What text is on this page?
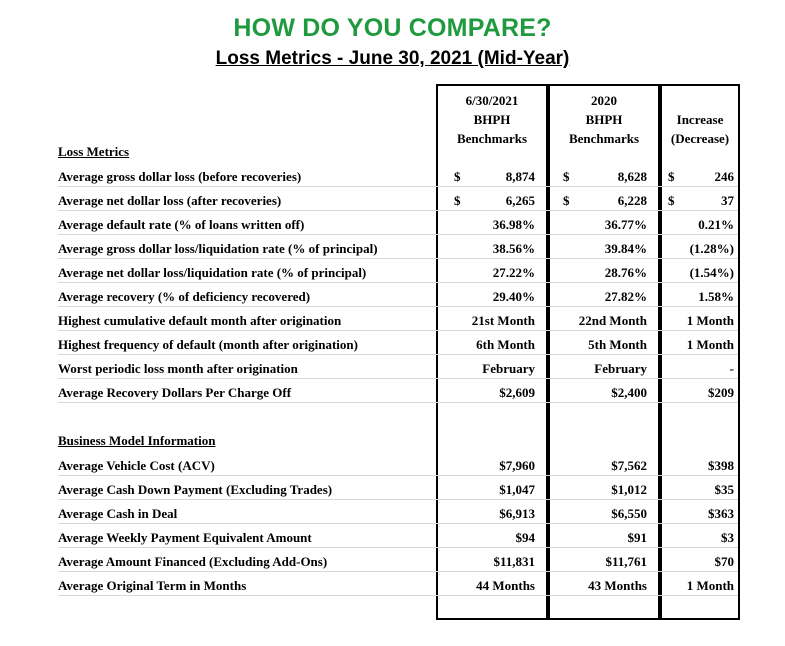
HOW DO YOU COMPARE?
Loss Metrics - June 30, 2021 (Mid-Year)
6/30/2021
BHPH
Benchmarks
2020
BHPH
Benchmarks
Increase
(Decrease)
Loss Metrics
Average gross dollar loss (before recoveries)	8,874	8,628	246
$	$	$
Average net dollar loss (after recoveries)	6,265	6,228	37
$	$	$
Average default rate (% of loans written off)	36.98%	36.77%	0.21%
Average gross dollar loss/liquidation rate (% of principal)	38.56%	39.84%	(1.28%)
Average net dollar loss/liquidation rate (% of principal)	27.22%	28.76%	(1.54%)
Average recovery (% of deficiency recovered)	29.40%	27.82%	1.58%
Highest cumulative default month after origination	21st Month	22nd Month	1 Month
Highest frequency of default (month after origination)	6th Month	5th Month	1 Month
Worst periodic loss month after origination	February	February	-
Average Recovery Dollars Per Charge Off	$2,609	$2,400	$209
Business Model Information
Average Vehicle Cost (ACV)	$7,960	$7,562	$398
Average Cash Down Payment (Excluding Trades)	$1,047	$1,012	$35
Average Cash in Deal	$6,913	$6,550	$363
Average Weekly Payment Equivalent Amount	$94	$91	$3
Average Amount Financed (Excluding Add-Ons)	$11,831	$11,761	$70
Average Original Term in Months	44 Months	43 Months	1 Month
